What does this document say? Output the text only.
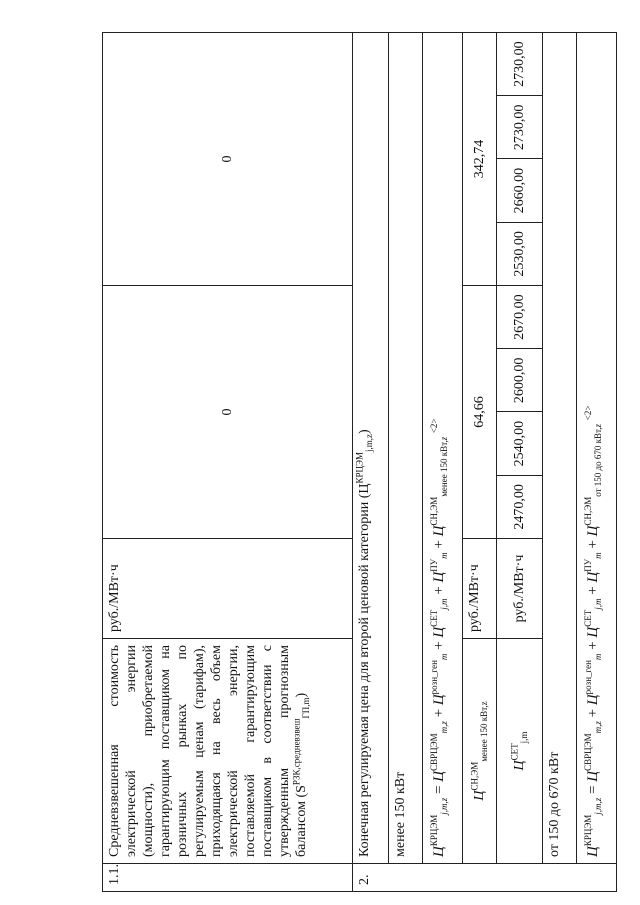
1.1.	Средневзвешенная стоимость электрической энергии (мощности), приобретаемой гарантирующим поставщиком на розничных рынках по регулируемым ценам (тарифам), приходящаяся на весь объем электрической энергии, поставляемой гарантирующим поставщиком в соответствии с утвержденным прогнозным балансом $(S^{РЗК,средневзвеш}_{ГП,m})$	руб./МВт·ч	0				0			
2.	Конечная регулируемая цена для второй ценовой категории $(Ц^{КРЦЭМ}_{j,m,z})$									
	менее 150 кВт									
	$Ц^{КРЦЭМ}_{j,m,z} = Ц^{СВРЦЭМ}_{m,z} + Ц^{розн\_ген}_m + Ц^{СЕТ}_{j,m} + Ц^{ПУ}_m + Ц^{СН,ЭМ}_{менее 150 кВт,z}$ $^{<2>}$
	$Ц^{СН,ЭМ}_{менее 150 кВт,z}$	руб./МВт·ч	64,66				342,74			
	$Ц^{СЕТ}_{j,m}$	руб./МВт·ч	2470,00	2540,00	2600,00	2670,00	2530,00	2660,00	2730,00	2730,00
	от 150 до 670 кВт									
	$Ц^{КРЦЭМ}_{j,m,z} = Ц^{СВРЦЭМ}_{m,z} + Ц^{розн\_ген}_m + Ц^{СЕТ}_{j,m} + Ц^{ПУ}_m + Ц^{СН,ЭМ}_{от 150 до 670 кВт,z}$ $^{<2>}$
